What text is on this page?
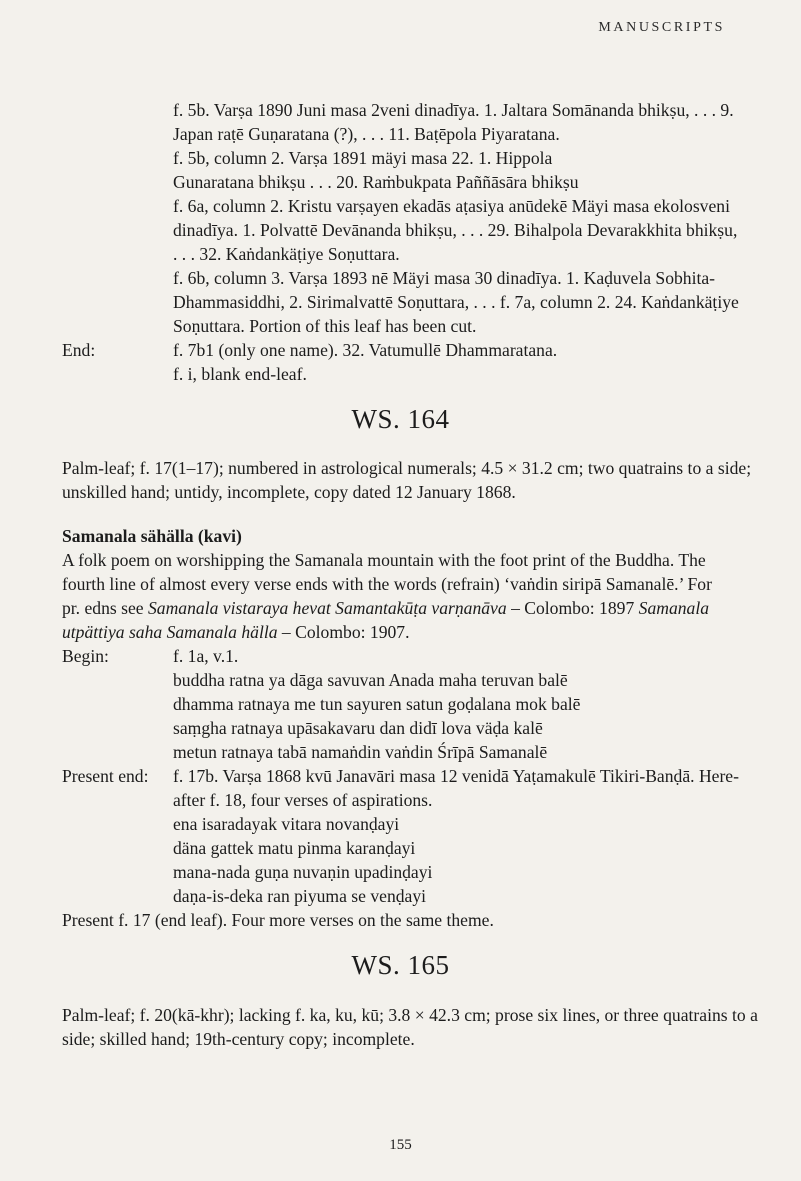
MANUSCRIPTS
f. 5b. Varṣa 1890 Juni masa 2veni dinadīya. 1. Jaltara Somānanda bhikṣu, . . . 9.
Japan raṭē Guṇaratana (?), . . . 11. Baṭēpola Piyaratana.
f. 5b, column 2. Varṣa 1891 mäyi masa 22. 1. Hippola
Gunaratana bhikṣu . . . 20. Raṁbukpata Paññāsāra bhikṣu
f. 6a, column 2. Kristu varṣayen ekadās aṭasiya anūdekē Mäyi masa ekolosveni
dinadīya. 1. Polvattē Devānanda bhikṣu, . . . 29. Bihalpola Devarakkhita bhikṣu,
. . . 32. Kaṅdankäṭiye Soṇuttara.
f. 6b, column 3. Varṣa 1893 nē Mäyi masa 30 dinadīya. 1. Kaḍuvela Sobhita-
Dhammasiddhi, 2. Sirimalvattē Soṇuttara, . . . f. 7a, column 2. 24. Kaṅdankäṭiye
Soṇuttara. Portion of this leaf has been cut.
End:	f. 7b1 (only one name). 32. Vatumullē Dhammaratana.
f. i, blank end-leaf.
WS. 164
Palm-leaf; f. 17(1–17); numbered in astrological numerals; 4.5 × 31.2 cm; two quatrains to a side;
unskilled hand; untidy, incomplete, copy dated 12 January 1868.
Samanala sähälla (kavi)
A folk poem on worshipping the Samanala mountain with the foot print of the Buddha. The
fourth line of almost every verse ends with the words (refrain) ‘vaṅdin siripā Samanalē.’ For
pr. edns see Samanala vistaraya hevat Samantakūṭa varṇanāva – Colombo: 1897 Samanala
utpättiya saha Samanala hälla – Colombo: 1907.
Begin:	f. 1a, v.1.
buddha ratna ya dāga savuvan Anada maha teruvan balē
dhamma ratnaya me tun sayuren satun goḍalana mok balē
saṃgha ratnaya upāsakavaru dan didī lova väḍa kalē
metun ratnaya tabā namaṅdin vaṅdin Śrīpā Samanalē
Present end: f. 17b. Varṣa 1868 kvū Janavāri masa 12 venidā Yaṭamakulē Tikiri-Banḍā. Here-
after f. 18, four verses of aspirations.
ena isaradayak vitara novanḍayi
däna gattek matu pinma karanḍayi
mana-nada guṇa nuvaṇin upadinḍayi
daṇa-is-deka ran piyuma se venḍayi
Present f. 17 (end leaf). Four more verses on the same theme.
WS. 165
Palm-leaf; f. 20(kā-khr); lacking f. ka, ku, kū; 3.8 × 42.3 cm; prose six lines, or three quatrains to a
side; skilled hand; 19th-century copy; incomplete.
155
